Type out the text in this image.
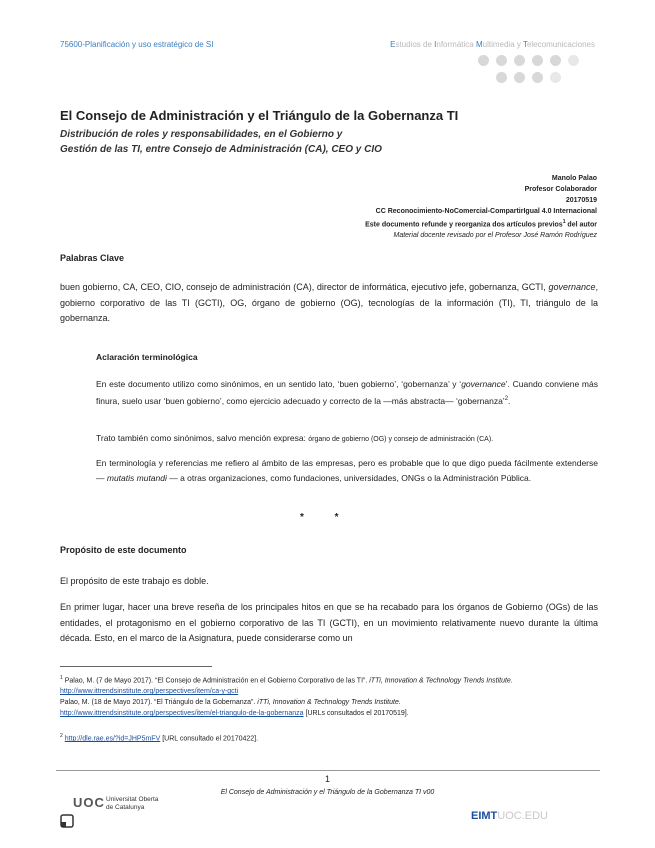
75600-Planificación y uso estratégico de SI	Estudios de Informática Multimedia y Telecomunicaciones
El Consejo de Administración y el Triángulo de la Gobernanza TI
Distribución de roles y responsabilidades, en el Gobierno y
Gestión de las TI, entre Consejo de Administración (CA), CEO y CIO
Manolo Palao
Profesor Colaborador
20170519
CC Reconocimiento-NoComercial-CompartirIgual 4.0 Internacional
Este documento refunde y reorganiza dos artículos previos$^1$ del autor
Material docente revisado por el Profesor José Ramón Rodríguez
Palabras Clave
buen gobierno, CA, CEO, CIO, consejo de administración (CA), director de informática, ejecutivo jefe, gobernanza, GCTI, governance, gobierno corporativo de las TI (GCTI), OG, órgano de gobierno (OG), tecnologías de la información (TI), TI, triángulo de la gobernanza.
Aclaración terminológica
En este documento utilizo como sinónimos, en un sentido lato, ‘buen gobierno’, ‘gobernanza’ y ‘governance’. Cuando conviene más finura, suelo usar ‘buen gobierno’, como ejercicio adecuado y correcto de la —más abstracta— ‘gobernanza’$^2$.
Trato también como sinónimos, salvo mención expresa: órgano de gobierno (OG) y consejo de administración (CA).
En terminología y referencias me refiero al ámbito de las empresas, pero es probable que lo que digo pueda fácilmente extenderse — mutatis mutandi — a otras organizaciones, como fundaciones, universidades, ONGs o la Administración Pública.
* *
Propósito de este documento
El propósito de este trabajo es doble.
En primer lugar, hacer una breve reseña de los principales hitos en que se ha recabado para los órganos de Gobierno (OGs) de las entidades, el protagonismo en el gobierno corporativo de las TI (GCTI), en un movimiento relativamente nuevo durante la última década. Esto, en el marco de la Asignatura, puede considerarse como un
$^1$ Palao, M. (7 de Mayo 2017). “El Consejo de Administración en el Gobierno Corporativo de las TI”. iTTi, Innovation & Technology Trends Institute. http://www.ittrendsinstitute.org/perspectives/item/ca-y-gcti
Palao, M. (18 de Mayo 2017). “El Triángulo de la Gobernanza”. iTTi, Innovation & Technology Trends Institute.
http://www.ittrendsinstitute.org/perspectives/item/el-triangulo-de-la-gobernanza [URLs consultados el 20170519].
$^2$ http://dle.rae.es/?id=JHP5mFV [URL consultado el 20170422].
1
El Consejo de Administración y el Triángulo de la Gobernanza TI v00
UOC Universitat Oberta
de Catalunya
EIMTUOC.EDU
